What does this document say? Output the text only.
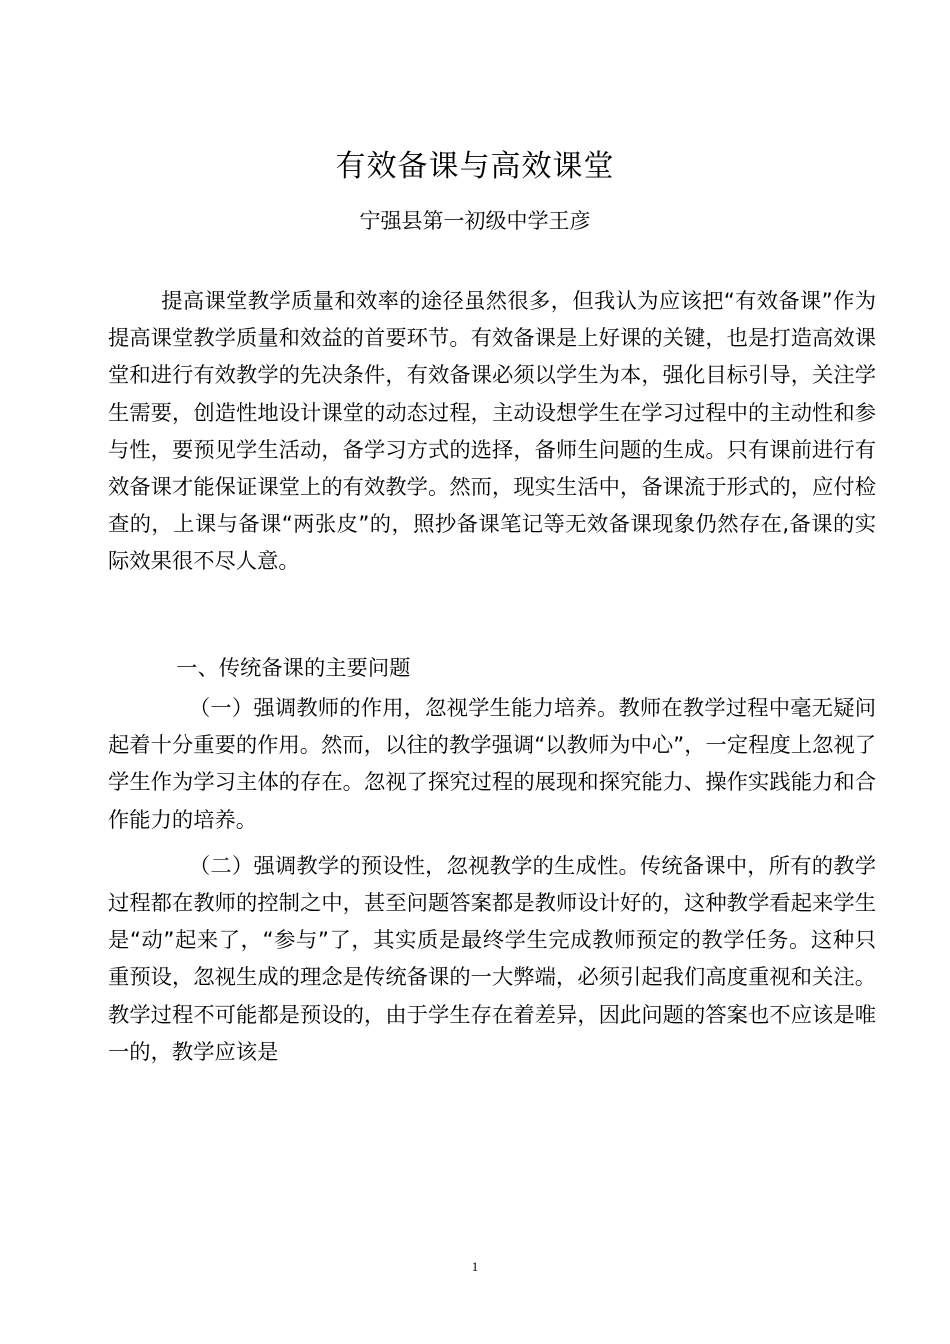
有效备课与高效课堂
宁强县第一初级中学王彦

提高课堂教学质量和效率的途径虽然很多，但我认为应该把“有效备课”作为提高课堂教学质量和效益的首要环节。有效备课是上好课的关键，也是打造高效课堂和进行有效教学的先决条件，有效备课必须以学生为本，强化目标引导，关注学生需要，创造性地设计课堂的动态过程，主动设想学生在学习过程中的主动性和参与性，要预见学生活动，备学习方式的选择，备师生问题的生成。只有课前进行有效备课才能保证课堂上的有效教学。然而，现实生活中，备课流于形式的，应付检查的，上课与备课“两张皮”的，照抄备课笔记等无效备课现象仍然存在,备课的实际效果很不尽人意。

一、传统备课的主要问题

（一）强调教师的作用，忽视学生能力培养。教师在教学过程中毫无疑问起着十分重要的作用。然而，以往的教学强调“以教师为中心”，一定程度上忽视了学生作为学习主体的存在。忽视了探究过程的展现和探究能力、操作实践能力和合作能力的培养。

（二）强调教学的预设性，忽视教学的生成性。传统备课中，所有的教学过程都在教师的控制之中，甚至问题答案都是教师设计好的，这种教学看起来学生是“动”起来了，“参与”了，其实质是最终学生完成教师预定的教学任务。这种只重预设，忽视生成的理念是传统备课的一大弊端，必须引起我们高度重视和关注。教学过程不可能都是预设的，由于学生存在着差异，因此问题的答案也不应该是唯一的，教学应该是

1
